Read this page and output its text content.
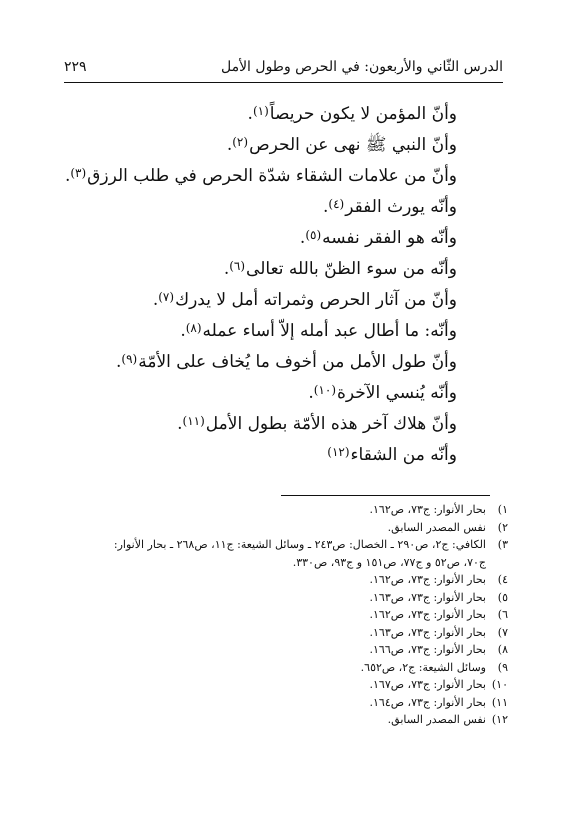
الدرس الثّاني والأربعون: في الحرص وطول الأمل
٢٢٩
وأنّ المؤمن لا يكون حريصاً$^{(١)}$.
وأنّ النبي ﷺ نهى عن الحرص$^{(٢)}$.
وأنّ من علامات الشقاء شدّة الحرص في طلب الرزق$^{(٣)}$.
وأنّه يورث الفقر$^{(٤)}$.
وأنّه هو الفقر نفسه$^{(٥)}$.
وأنّه من سوء الظنّ بالله تعالى$^{(٦)}$.
وأنّ من آثار الحرص وثمراته أمل لا يدرك$^{(٧)}$.
وأنّه: ما أطال عبد أمله إلاّ أساء عمله$^{(٨)}$.
وأنّ طول الأمل من أخوف ما يُخاف على الأمّة$^{(٩)}$.
وأنّه يُنسي الآخرة$^{(١٠)}$.
وأنّ هلاك آخر هذه الأمّة بطول الأمل$^{(١١)}$.
وأنّه من الشقاء$^{(١٢)}$
١)بحار الأنوار: ج٧٣، ص١٦٢.
٢)نفس المصدر السابق.
٣)الكافي: ج٢، ص٢٩٠ ـ الخصال: ص٢٤٣ ـ وسائل الشيعة: ج١١، ص٢٦٨ ـ بحار الأنوار:
ج٧٠، ص٥٢ و ج٧٧، ص١٥١ و ج٩٣، ص٣٣٠.
٤)بحار الأنوار: ج٧٣، ص١٦٢.
٥)بحار الأنوار: ج٧٣، ص١٦٣.
٦)بحار الأنوار: ج٧٣، ص١٦٢.
٧)بحار الأنوار: ج٧٣، ص١٦٣.
٨)بحار الأنوار: ج٧٣، ص١٦٦.
٩)وسائل الشيعة: ج٢، ص٦٥٢.
١٠)بحار الأنوار: ج٧٣، ص١٦٧.
١١)بحار الأنوار: ج٧٣، ص١٦٤.
١٢)نفس المصدر السابق.
